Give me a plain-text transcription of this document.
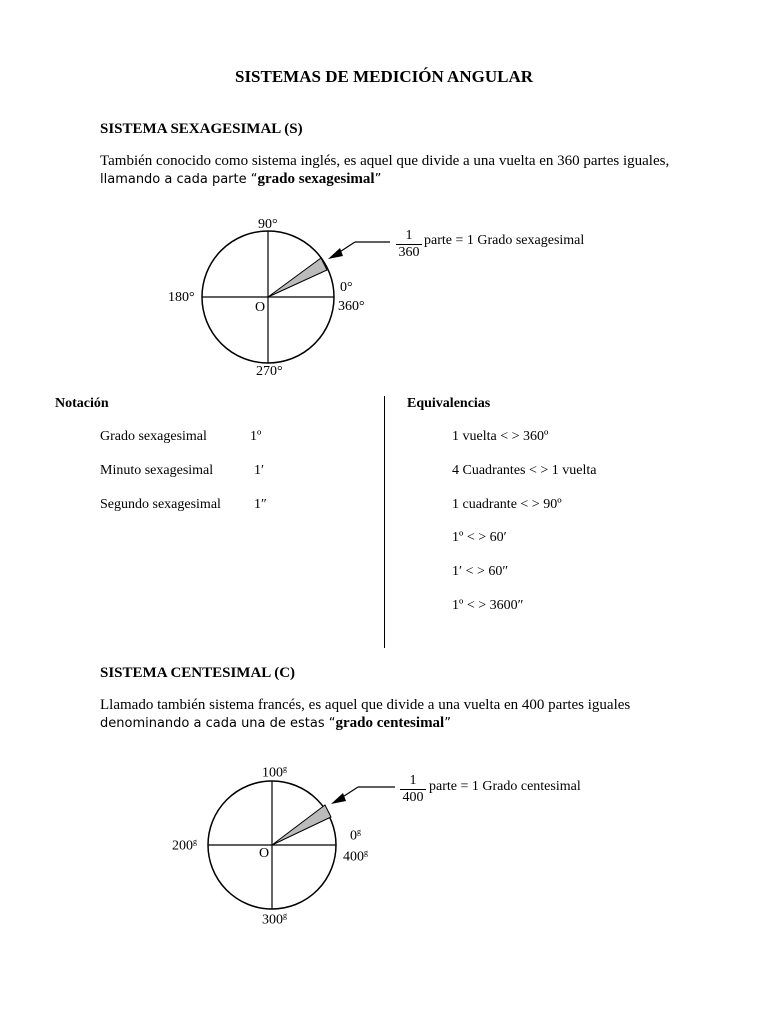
SISTEMAS DE MEDICIÓN ANGULAR
SISTEMA SEXAGESIMAL (S)
También conocido como sistema inglés, es aquel que divide a una vuelta en 360 partes iguales,
llamando a cada parte “grado sexagesimal”
90°
180°
0°
360°
270°
O
1
360
parte = 1 Grado sexagesimal
Notación
Grado sexagesimal	1º
Minuto sexagesimal	1′
Segundo sexagesimal 1″
Equivalencias
1 vuelta < > 360º
4 Cuadrantes < > 1 vuelta
1 cuadrante < > 90º
1º < > 60′
1′ < > 60″
1º < > 3600″
SISTEMA CENTESIMAL (C)
Llamado también sistema francés, es aquel que divide a una vuelta en 400 partes iguales
denominando a cada una de estas “grado centesimal”
100$^g$
200$^g$	0$^g$
400$^g$
300$^g$
O
1
400
parte = 1 Grado centesimal
